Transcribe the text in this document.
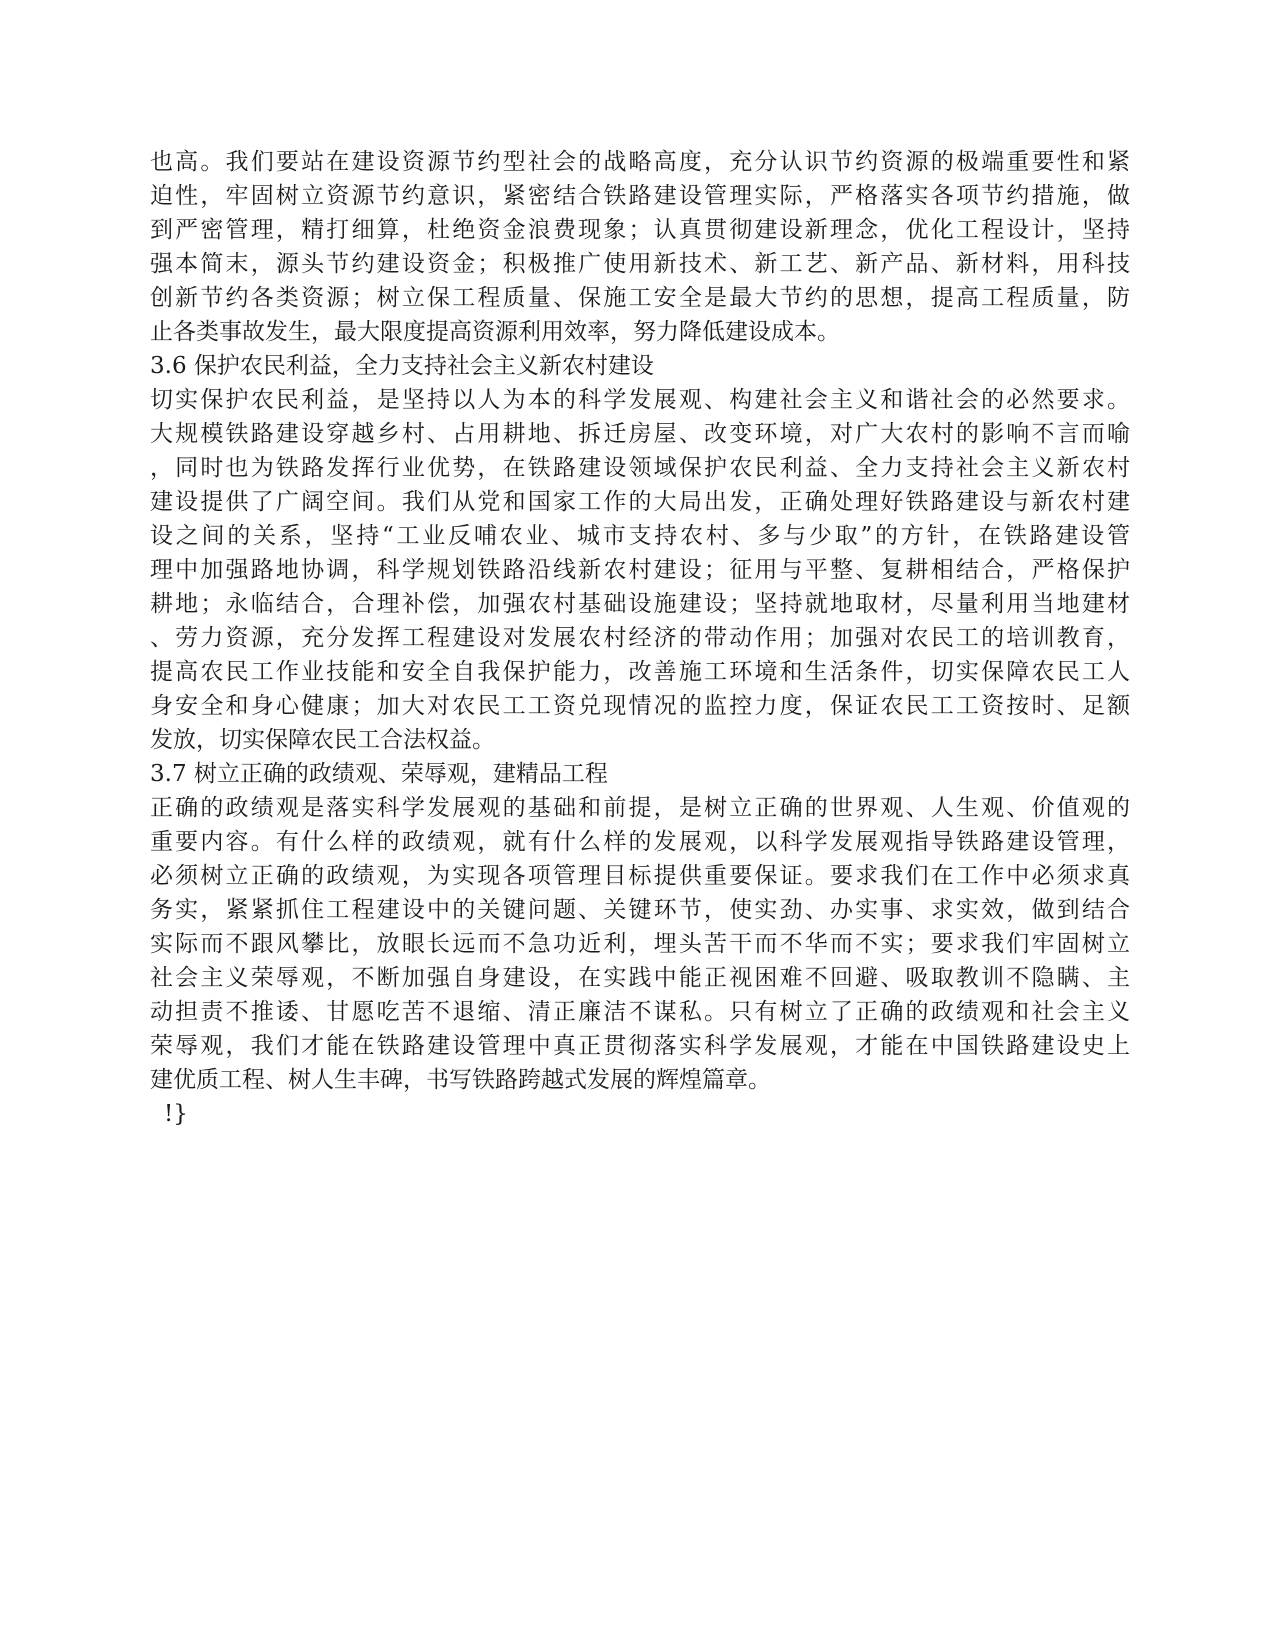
也高。我们要站在建设资源节约型社会的战略高度，充分认识节约资源的极端重要性和紧
迫性，牢固树立资源节约意识，紧密结合铁路建设管理实际，严格落实各项节约措施，做
到严密管理，精打细算，杜绝资金浪费现象；认真贯彻建设新理念，优化工程设计，坚持
强本简末，源头节约建设资金；积极推广使用新技术、新工艺、新产品、新材料，用科技
创新节约各类资源；树立保工程质量、保施工安全是最大节约的思想，提高工程质量，防
止各类事故发生，最大限度提高资源利用效率，努力降低建设成本。
3.6 保护农民利益，全力支持社会主义新农村建设
切实保护农民利益，是坚持以人为本的科学发展观、构建社会主义和谐社会的必然要求。
大规模铁路建设穿越乡村、占用耕地、拆迁房屋、改变环境，对广大农村的影响不言而喻
，同时也为铁路发挥行业优势，在铁路建设领域保护农民利益、全力支持社会主义新农村
建设提供了广阔空间。我们从党和国家工作的大局出发，正确处理好铁路建设与新农村建
设之间的关系，坚持“工业反哺农业、城市支持农村、多与少取”的方针，在铁路建设管
理中加强路地协调，科学规划铁路沿线新农村建设；征用与平整、复耕相结合，严格保护
耕地；永临结合，合理补偿，加强农村基础设施建设；坚持就地取材，尽量利用当地建材
、劳力资源，充分发挥工程建设对发展农村经济的带动作用；加强对农民工的培训教育，
提高农民工作业技能和安全自我保护能力，改善施工环境和生活条件，切实保障农民工人
身安全和身心健康；加大对农民工工资兑现情况的监控力度，保证农民工工资按时、足额
发放，切实保障农民工合法权益。
3.7 树立正确的政绩观、荣辱观，建精品工程
正确的政绩观是落实科学发展观的基础和前提，是树立正确的世界观、人生观、价值观的
重要内容。有什么样的政绩观，就有什么样的发展观，以科学发展观指导铁路建设管理，
必须树立正确的政绩观，为实现各项管理目标提供重要保证。要求我们在工作中必须求真
务实，紧紧抓住工程建设中的关键问题、关键环节，使实劲、办实事、求实效，做到结合
实际而不跟风攀比，放眼长远而不急功近利，埋头苦干而不华而不实；要求我们牢固树立
社会主义荣辱观，不断加强自身建设，在实践中能正视困难不回避、吸取教训不隐瞒、主
动担责不推诿、甘愿吃苦不退缩、清正廉洁不谋私。只有树立了正确的政绩观和社会主义
荣辱观，我们才能在铁路建设管理中真正贯彻落实科学发展观，才能在中国铁路建设史上
建优质工程、树人生丰碑，书写铁路跨越式发展的辉煌篇章。
!}
